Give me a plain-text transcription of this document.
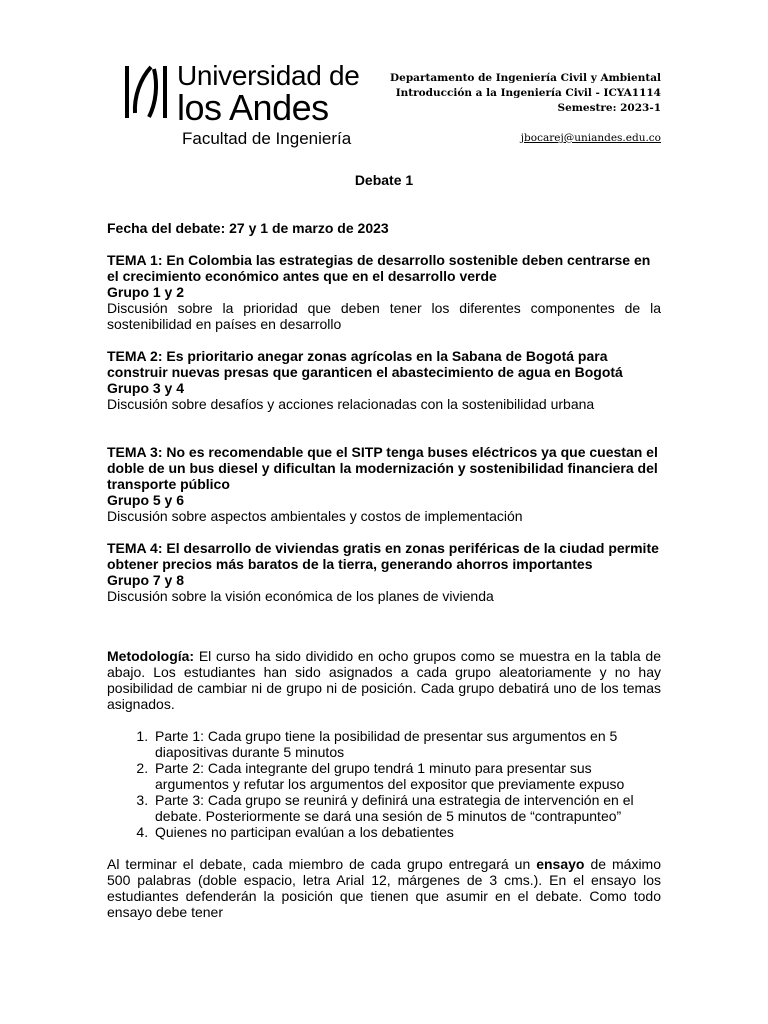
Universidad de
los Andes
Facultad de Ingeniería
Departamento de Ingeniería Civil y Ambiental
Introducción a la Ingeniería Civil - ICYA1114
Semestre: 2023-1
jbocarej@uniandes.edu.co
Debate 1
Fecha del debate: 27 y 1 de marzo de 2023
TEMA 1: En Colombia las estrategias de desarrollo sostenible deben centrarse en el crecimiento económico antes que en el desarrollo verde
Grupo 1 y 2
Discusión sobre la prioridad que deben tener los diferentes componentes de la sostenibilidad en países en desarrollo
TEMA 2: Es prioritario anegar zonas agrícolas en la Sabana de Bogotá para construir nuevas presas que garanticen el abastecimiento de agua en Bogotá
Grupo 3 y 4
Discusión sobre desafíos y acciones relacionadas con la sostenibilidad urbana
TEMA 3: No es recomendable que el SITP tenga buses eléctricos ya que cuestan el doble de un bus diesel y dificultan la modernización y sostenibilidad financiera del transporte público
Grupo 5 y 6
Discusión sobre aspectos ambientales y costos de implementación
TEMA 4: El desarrollo de viviendas gratis en zonas periféricas de la ciudad permite obtener precios más baratos de la tierra, generando ahorros importantes
Grupo 7 y 8
Discusión sobre la visión económica de los planes de vivienda
Metodología: El curso ha sido dividido en ocho grupos como se muestra en la tabla de abajo. Los estudiantes han sido asignados a cada grupo aleatoriamente y no hay posibilidad de cambiar ni de grupo ni de posición. Cada grupo debatirá uno de los temas asignados.
1. Parte 1: Cada grupo tiene la posibilidad de presentar sus argumentos en 5 diapositivas durante 5 minutos
2. Parte 2: Cada integrante del grupo tendrá 1 minuto para presentar sus argumentos y refutar los argumentos del expositor que previamente expuso
3. Parte 3: Cada grupo se reunirá y definirá una estrategia de intervención en el debate. Posteriormente se dará una sesión de 5 minutos de “contrapunteo”
4. Quienes no participan evalúan a los debatientes
Al terminar el debate, cada miembro de cada grupo entregará un ensayo de máximo 500 palabras (doble espacio, letra Arial 12, márgenes de 3 cms.). En el ensayo los estudiantes defenderán la posición que tienen que asumir en el debate. Como todo ensayo debe tener
